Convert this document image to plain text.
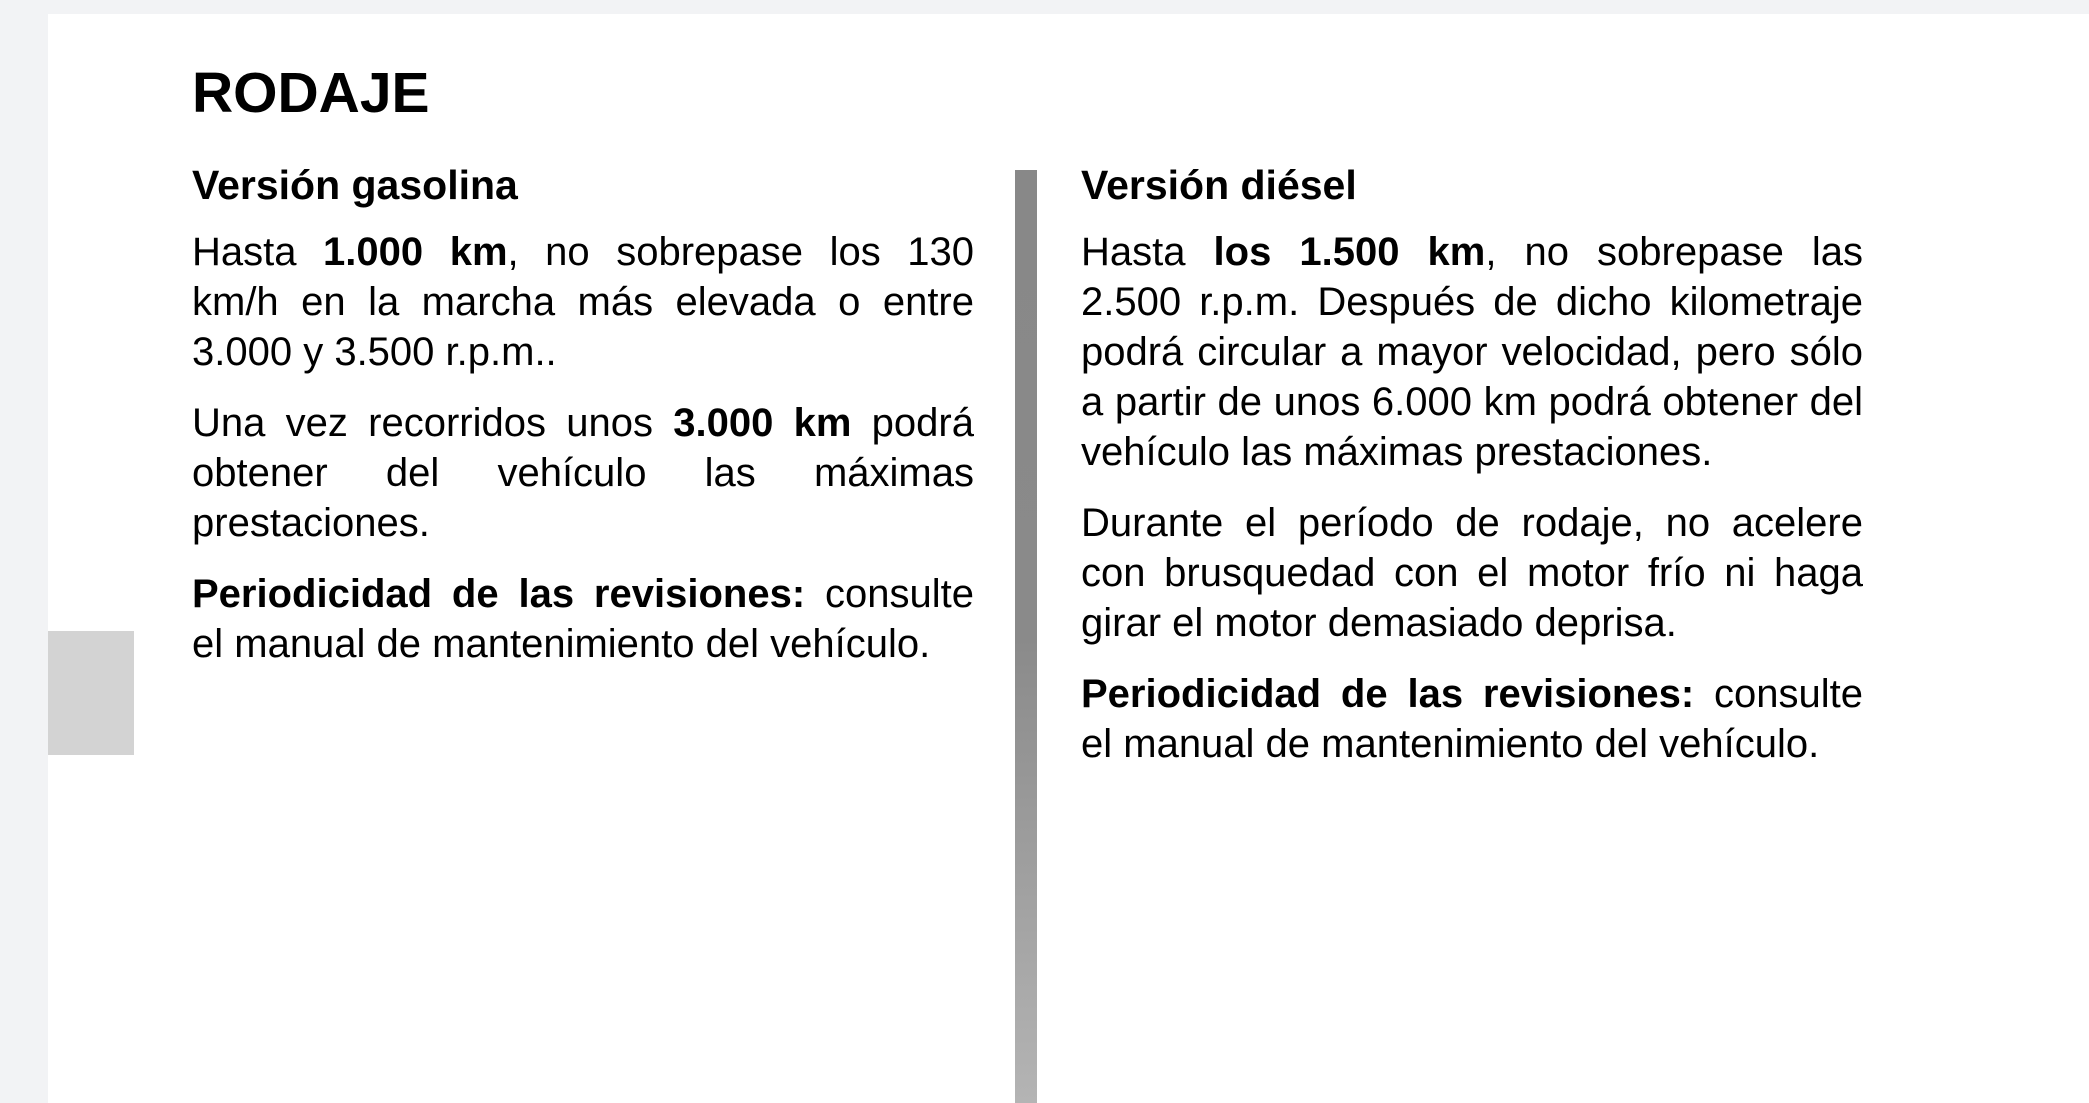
RODAJE
Versión gasolina

Hasta 1.000 km, no sobrepase los 130 km/h en la marcha más elevada o entre 3.000 y 3.500 r.p.m..

Una vez recorridos unos 3.000 km podrá obtener del vehículo las máximas prestaciones.

Periodicidad de las revisiones: consulte el manual de mantenimiento del vehículo.

Versión diésel

Hasta los 1.500 km, no sobrepase las 2.500 r.p.m. Después de dicho kilometraje podrá circular a mayor velocidad, pero sólo a partir de unos 6.000 km podrá obtener del vehículo las máximas prestaciones.

Durante el período de rodaje, no acelere con brusquedad con el motor frío ni haga girar el motor demasiado deprisa.

Periodicidad de las revisiones: consulte el manual de mantenimiento del vehículo.
